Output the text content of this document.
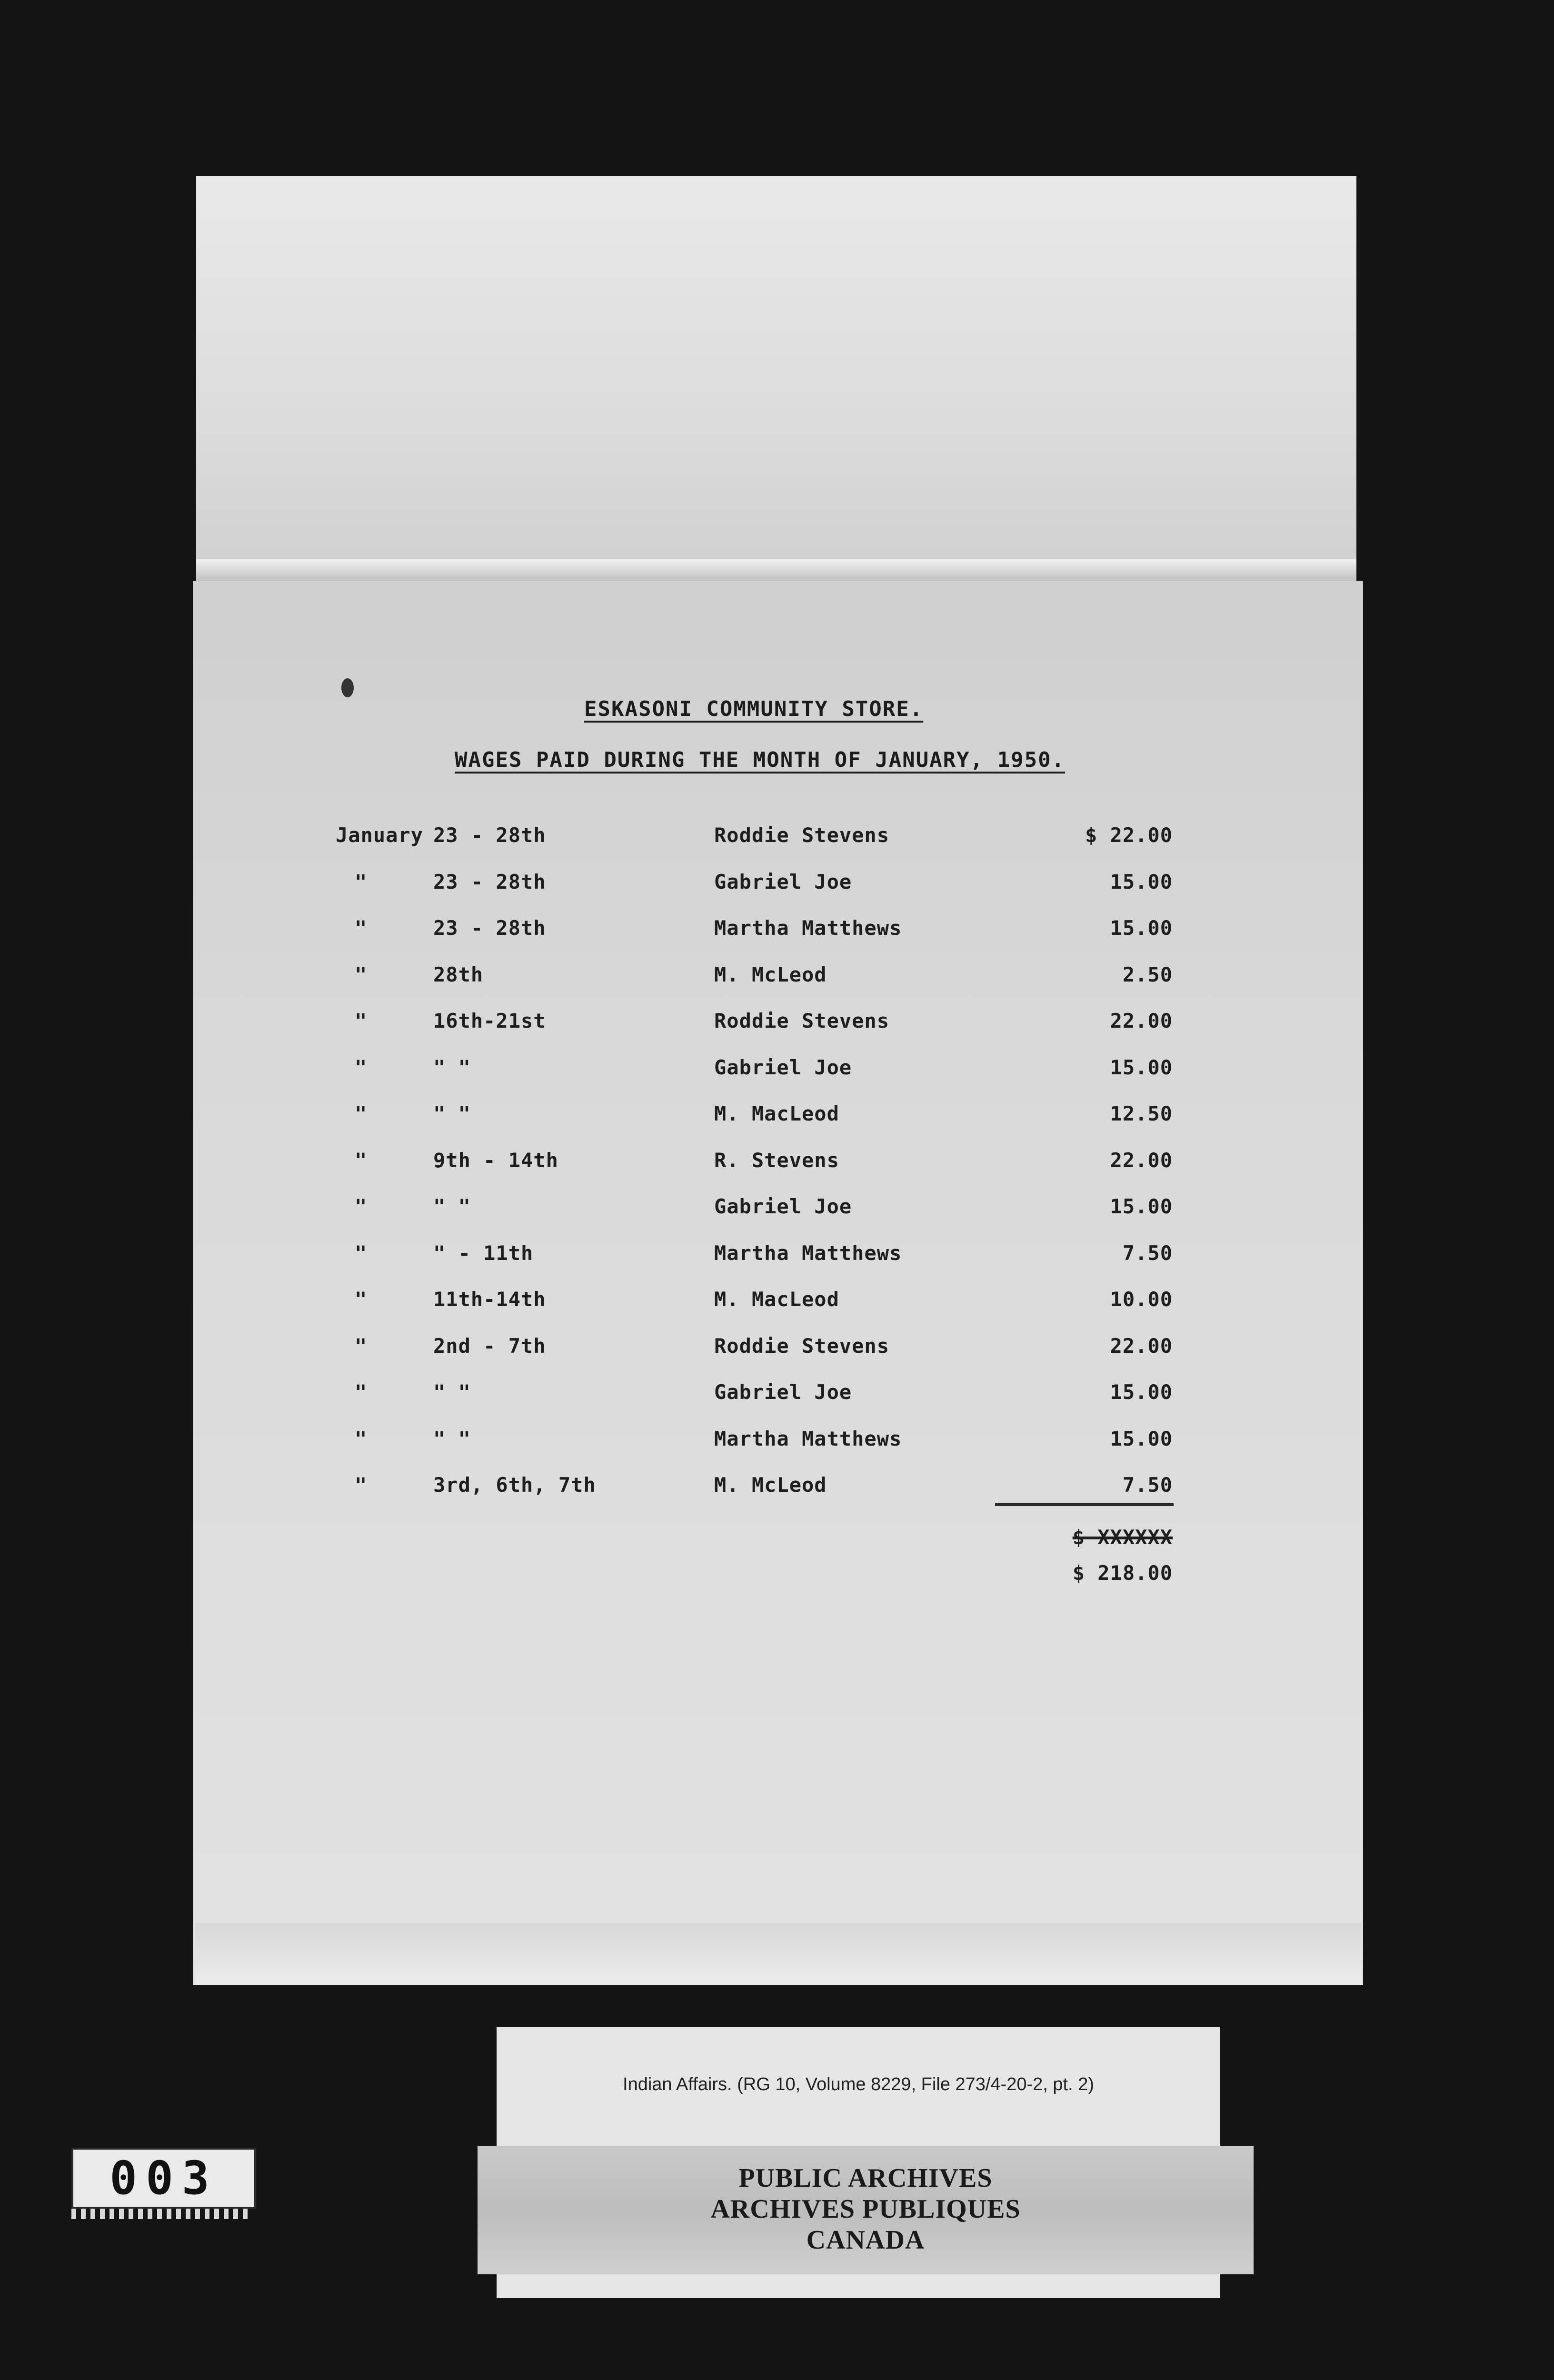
ESKASONI COMMUNITY STORE.
WAGES PAID DURING THE MONTH OF JANUARY, 1950.
January 23 - 28th	Roddie Stevens	$ 22.00
"	23 - 28th	Gabriel Joe	15.00
"	23 - 28th	Martha Matthews	15.00
"	28th	M. McLeod	2.50
"	16th-21st	Roddie Stevens	22.00
"	" "	Gabriel Joe	15.00
"	" "	M. MacLeod	12.50
"	9th - 14th	R. Stevens	22.00
"	" "	Gabriel Joe	15.00
"	" - 11th	Martha Matthews	7.50
"	11th-14th	M. MacLeod	10.00
"	2nd - 7th	Roddie Stevens	22.00
"	" "	Gabriel Joe	15.00
"	" "	Martha Matthews	15.00
"	3rd, 6th, 7th	M. McLeod	7.50
$ XXXXXX
$ 218.00
Indian Affairs. (RG 10, Volume 8229, File 273/4-20-2, pt. 2)
PUBLIC ARCHIVES
ARCHIVES PUBLIQUES
CANADA
003
